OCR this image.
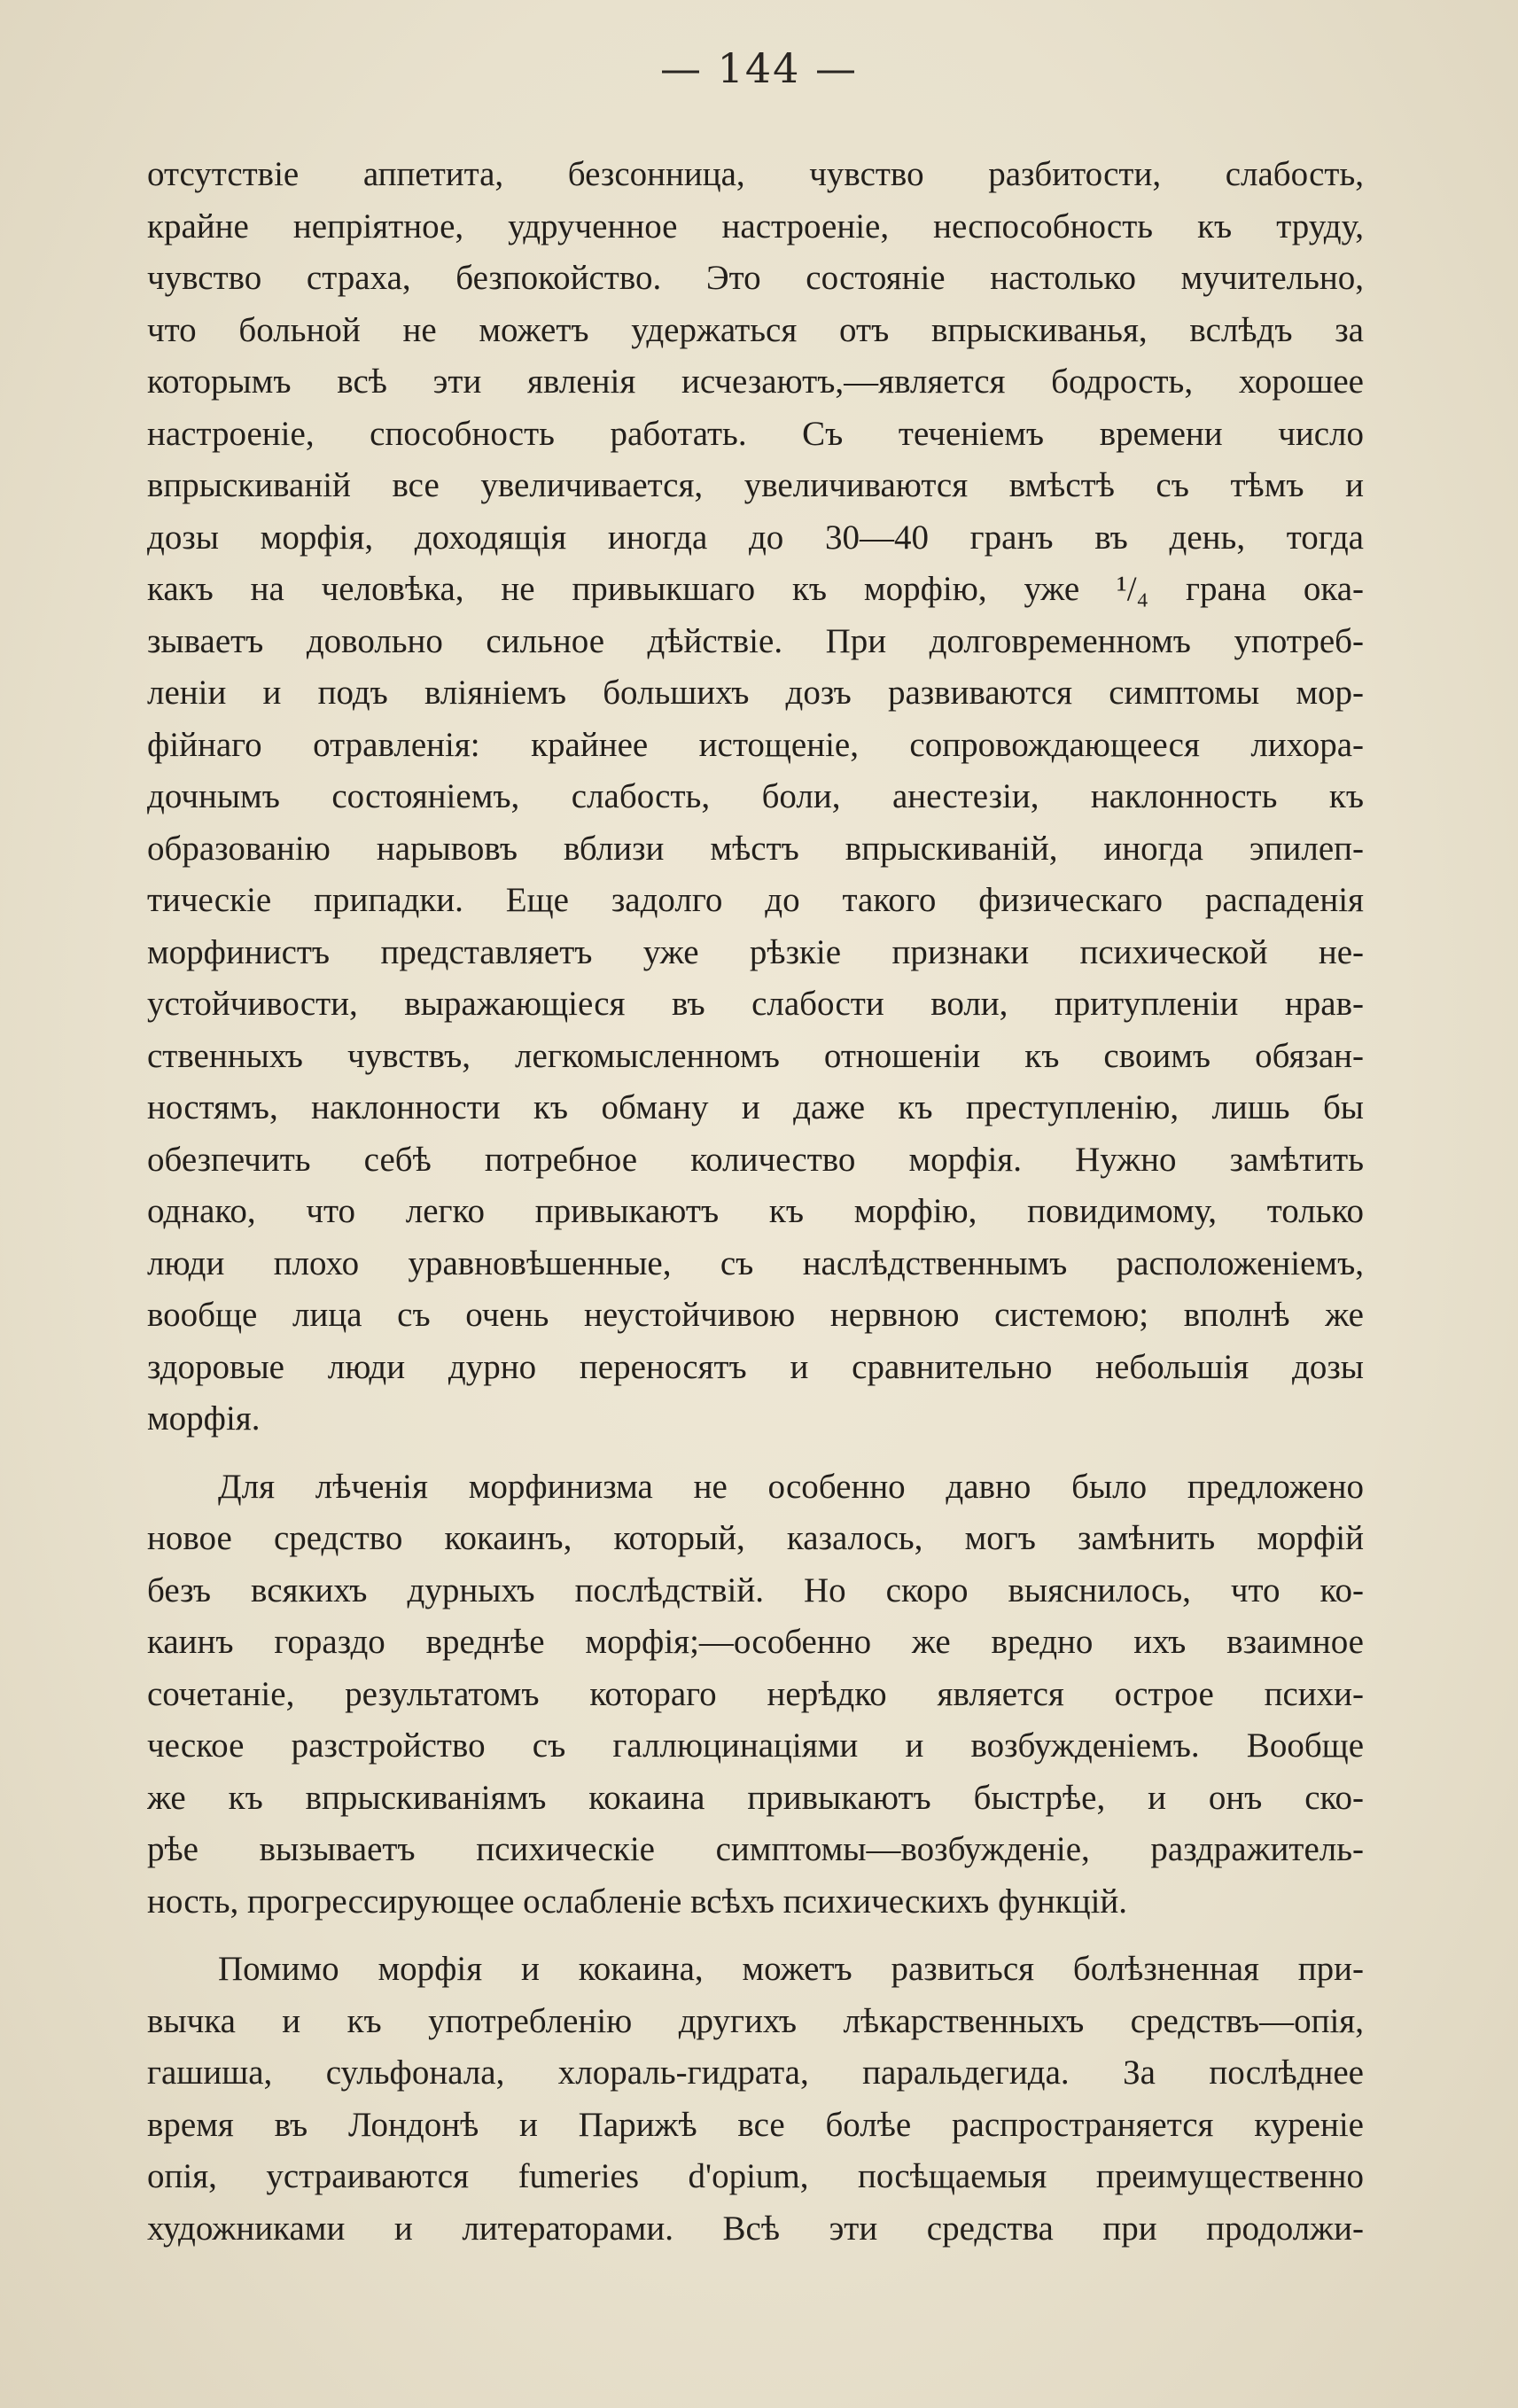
— 144 —
отсутствіе аппетита, безсонница, чувство разбитости, слабость,
крайне непріятное, удрученное настроеніе, неспособность къ труду,
чувство страха, безпокойство. Это состояніе настолько мучительно,
что больной не можетъ удержаться отъ впрыскиванья, вслѣдъ за
которымъ всѣ эти явленія исчезаютъ,—является бодрость, хорошее
настроеніе, способность работать. Съ теченіемъ времени число
впрыскиваній все увеличивается, увеличиваются вмѣстѣ съ тѣмъ и
дозы морфія, доходящія иногда до 30—40 гранъ въ день, тогда
какъ на человѣка, не привыкшаго къ морфію, уже ¹/₄ грана ока-
зываетъ довольно сильное дѣйствіе. При долговременномъ употреб-
леніи и подъ вліяніемъ большихъ дозъ развиваются симптомы мор-
фійнаго отравленія: крайнее истощеніе, сопровождающееся лихора-
дочнымъ состояніемъ, слабость, боли, анестезіи, наклонность къ
образованію нарывовъ вблизи мѣстъ впрыскиваній, иногда эпилеп-
тическіе припадки. Еще задолго до такого физическаго распаденія
морфинистъ представляетъ уже рѣзкіе признаки психической не-
устойчивости, выражающіеся въ слабости воли, притупленіи нрав-
ственныхъ чувствъ, легкомысленномъ отношеніи къ своимъ обязан-
ностямъ, наклонности къ обману и даже къ преступленію, лишь бы
обезпечить себѣ потребное количество морфія. Нужно замѣтить
однако, что легко привыкаютъ къ морфію, повидимому, только
люди плохо уравновѣшенные, съ наслѣдственнымъ расположеніемъ,
вообще лица съ очень неустойчивою нервною системою; вполнѣ же
здоровые люди дурно переносятъ и сравнительно небольшія дозы
морфія.
Для лѣченія морфинизма не особенно давно было предложено
новое средство кокаинъ, который, казалось, могъ замѣнить морфій
безъ всякихъ дурныхъ послѣдствій. Но скоро выяснилось, что ко-
каинъ гораздо вреднѣе морфія;—особенно же вредно ихъ взаимное
сочетаніе, результатомъ котораго нерѣдко является острое психи-
ческое разстройство съ галлюцинаціями и возбужденіемъ. Вообще
же къ впрыскиваніямъ кокаина привыкаютъ быстрѣе, и онъ ско-
рѣе вызываетъ психическіе симптомы—возбужденіе, раздражитель-
ность, прогрессирующее ослабленіе всѣхъ психическихъ функцій.
Помимо морфія и кокаина, можетъ развиться болѣзненная при-
вычка и къ употребленію другихъ лѣкарственныхъ средствъ—опія,
гашиша, сульфонала, хлораль-гидрата, паральдегида. За послѣднее
время въ Лондонѣ и Парижѣ все болѣе распространяется куреніе
опія, устраиваются fumeries d'opium, посѣщаемыя преимущественно
художниками и литераторами. Всѣ эти средства при продолжи-
